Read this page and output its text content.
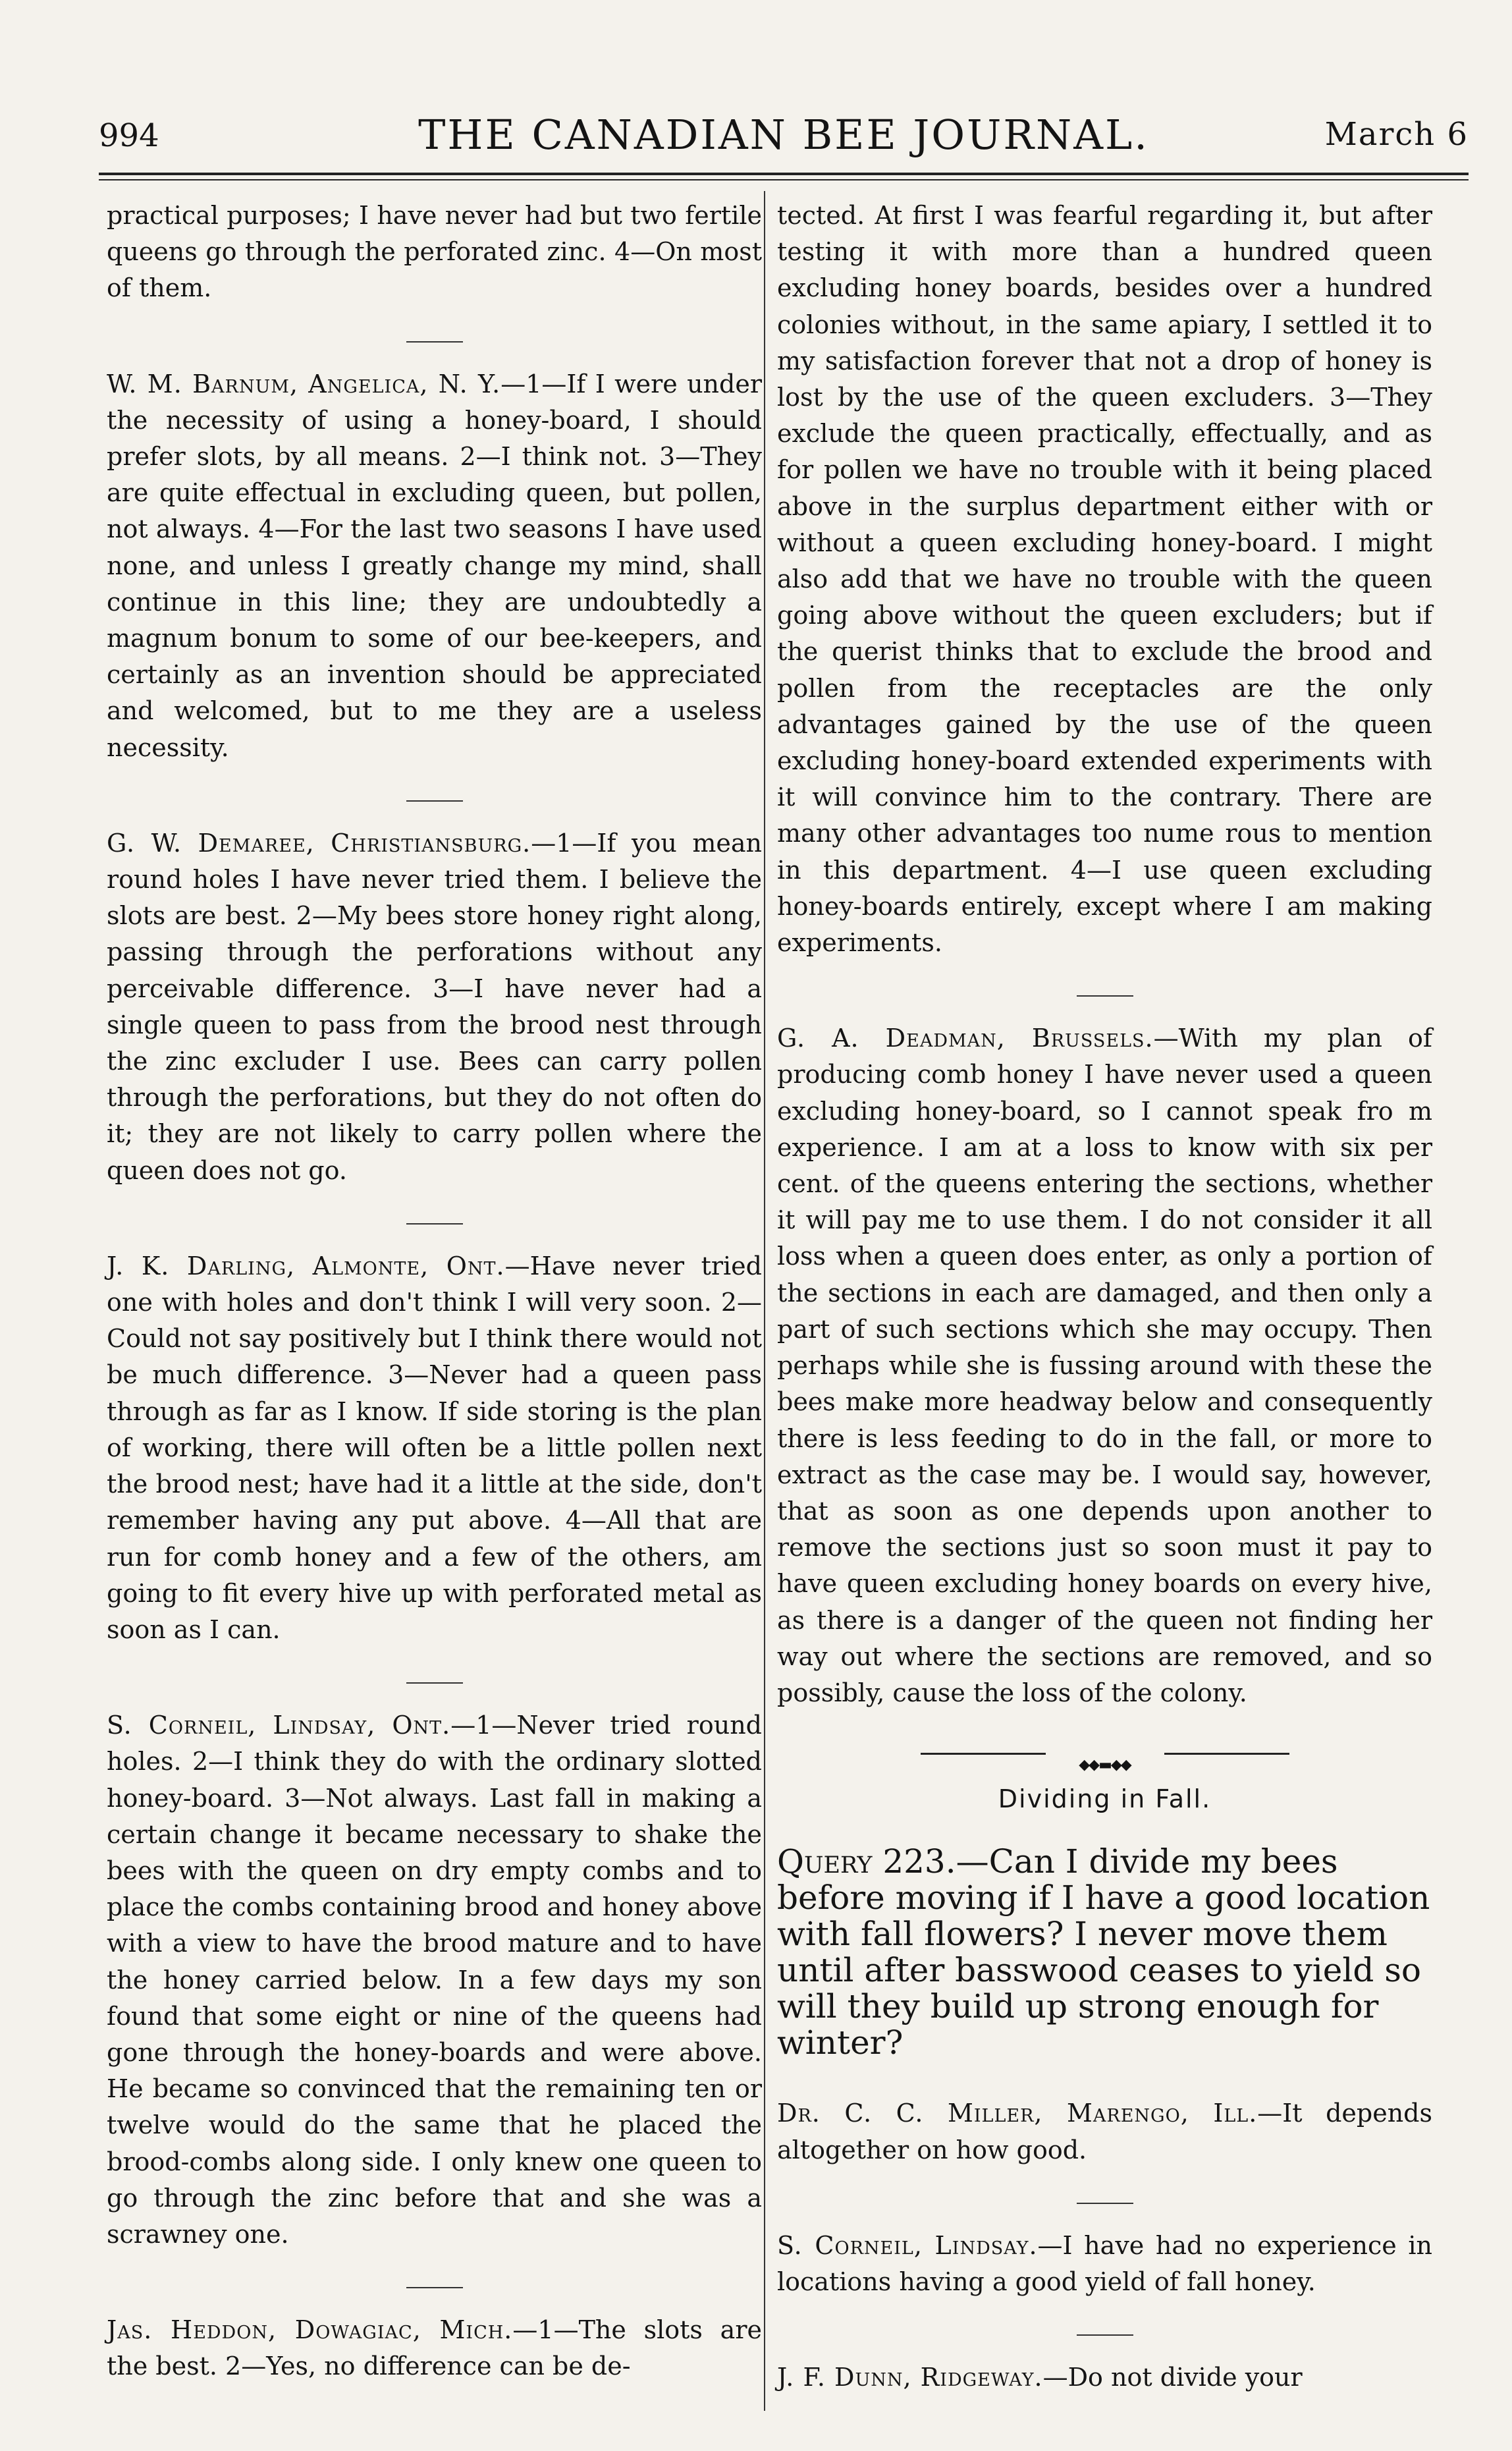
994	THE CANADIAN BEE JOURNAL.	March 6

practical purposes; I have never had but two fertile queens go through the perforated zinc. 4—On most of them.

W. M. Barnum, Angelica, N. Y.—1—If I were under the necessity of using a honey-board, I should prefer slots, by all means. 2—I think not. 3—They are quite effectual in excluding queen, but pollen, not always. 4—For the last two seasons I have used none, and unless I greatly change my mind, shall continue in this line; they are undoubtedly a magnum bonum to some of our bee-keepers, and certainly as an invention should be appreciated and welcomed, but to me they are a useless necessity.

G. W. Demaree, Christiansburg.—1—If you mean round holes I have never tried them. I believe the slots are best. 2—My bees store honey right along, passing through the perforations without any perceivable difference. 3—I have never had a single queen to pass from the brood nest through the zinc excluder I use. Bees can carry pollen through the perforations, but they do not often do it; they are not likely to carry pollen where the queen does not go.

J. K. Darling, Almonte, Ont.—Have never tried one with holes and don't think I will very soon. 2—Could not say positively but I think there would not be much difference. 3—Never had a queen pass through as far as I know. If side storing is the plan of working, there will often be a little pollen next the brood nest; have had it a little at the side, don't remember having any put above. 4—All that are run for comb honey and a few of the others, am going to fit every hive up with perforated metal as soon as I can.

S. Corneil, Lindsay, Ont.—1—Never tried round holes. 2—I think they do with the ordinary slotted honey-board. 3—Not always. Last fall in making a certain change it became necessary to shake the bees with the queen on dry empty combs and to place the combs containing brood and honey above with a view to have the brood mature and to have the honey carried below. In a few days my son found that some eight or nine of the queens had gone through the honey-boards and were above. He became so convinced that the remaining ten or twelve would do the same that he placed the brood-combs along side. I only knew one queen to go through the zinc before that and she was a scrawney one.

Jas. Heddon, Dowagiac, Mich.—1—The slots are the best. 2—Yes, no difference can be de-

tected. At first I was fearful regarding it, but after testing it with more than a hundred queen excluding honey boards, besides over a hundred colonies without, in the same apiary, I settled it to my satisfaction forever that not a drop of honey is lost by the use of the queen excluders. 3—They exclude the queen practically, effectually, and as for pollen we have no trouble with it being placed above in the surplus department either with or without a queen excluding honey-board. I might also add that we have no trouble with the queen going above without the queen excluders; but if the querist thinks that to exclude the brood and pollen from the receptacles are the only advantages gained by the use of the queen excluding honey-board extended experiments with it will convince him to the contrary. There are many other advantages too nume rous to mention in this department. 4—I use queen excluding honey-boards entirely, except where I am making experiments.

G. A. Deadman, Brussels.—With my plan of producing comb honey I have never used a queen excluding honey-board, so I cannot speak fro m experience. I am at a loss to know with six per cent. of the queens entering the sections, whether it will pay me to use them. I do not consider it all loss when a queen does enter, as only a portion of the sections in each are damaged, and then only a part of such sections which she may occupy. Then perhaps while she is fussing around with these the bees make more headway below and consequently there is less feeding to do in the fall, or more to extract as the case may be. I would say, however, that as soon as one depends upon another to remove the sections just so soon must it pay to have queen excluding honey boards on every hive, as there is a danger of the queen not finding her way out where the sections are removed, and so possibly, cause the loss of the colony.

◆◆▬◆◆
Dividing in Fall.

Query 223.—Can I divide my bees before moving if I have a good location with fall flowers? I never move them until after basswood ceases to yield so will they build up strong enough for winter?

Dr. C. C. Miller, Marengo, Ill.—It depends altogether on how good.

S. Corneil, Lindsay.—I have had no experience in locations having a good yield of fall honey.

J. F. Dunn, Ridgeway.—Do not divide your
